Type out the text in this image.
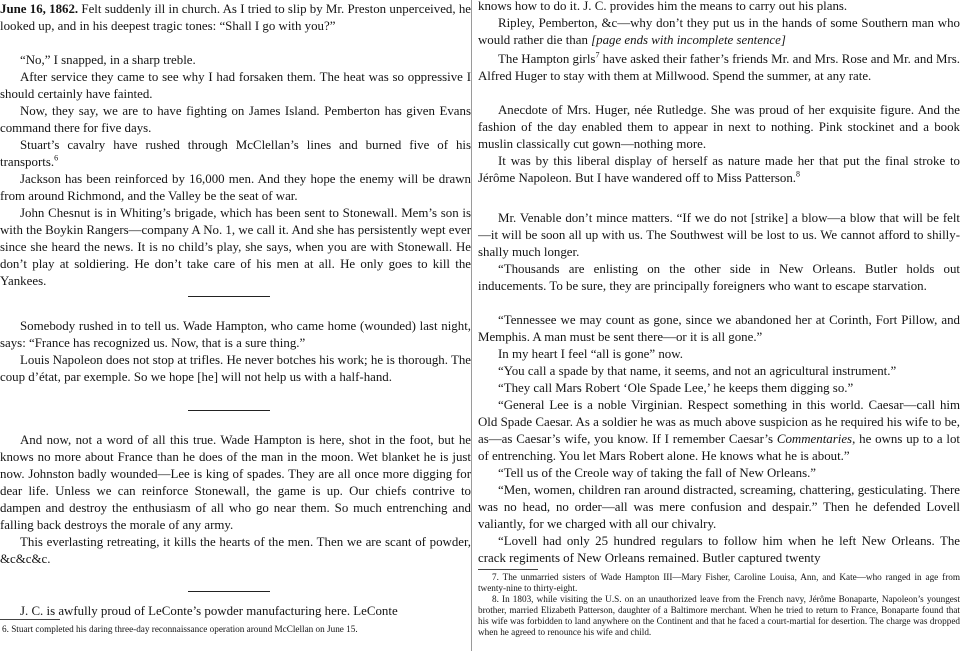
June 16, 1862. Felt suddenly ill in church. As I tried to slip by Mr. Preston unperceived, he looked up, and in his deepest tragic tones: “Shall I go with you?”

“No,” I snapped, in a sharp treble.

After service they came to see why I had forsaken them. The heat was so oppressive I should certainly have fainted.

Now, they say, we are to have fighting on James Island. Pemberton has given Evans command there for five days.

Stuart’s cavalry have rushed through McClellan’s lines and burned five of his transports.$^6$

Jackson has been reinforced by 16,000 men. And they hope the enemy will be drawn from around Richmond, and the Valley be the seat of war.

John Chesnut is in Whiting’s brigade, which has been sent to Stonewall. Mem’s son is with the Boykin Rangers—company A No. 1, we call it. And she has persistently wept ever since she heard the news. It is no child’s play, she says, when you are with Stonewall. He don’t play at soldiering. He don’t take care of his men at all. He only goes to kill the Yankees.

Somebody rushed in to tell us. Wade Hampton, who came home (wounded) last night, says: “France has recognized us. Now, that is a sure thing.”

Louis Napoleon does not stop at trifles. He never botches his work; he is thorough. The coup d’état, par exemple. So we hope [he] will not help us with a half-hand.

And now, not a word of all this true. Wade Hampton is here, shot in the foot, but he knows no more about France than he does of the man in the moon. Wet blanket he is just now. Johnston badly wounded—Lee is king of spades. They are all once more digging for dear life. Unless we can reinforce Stonewall, the game is up. Our chiefs contrive to dampen and destroy the enthusiasm of all who go near them. So much entrenching and falling back destroys the morale of any army.

This everlasting retreating, it kills the hearts of the men. Then we are scant of powder, &c&c&c.

J. C. is awfully proud of LeConte’s powder manufacturing here. LeConte

6. Stuart completed his daring three-day reconnaissance operation around McClellan on June 15.

knows how to do it. J. C. provides him the means to carry out his plans.

Ripley, Pemberton, &c—why don’t they put us in the hands of some Southern man who would rather die than [page ends with incomplete sentence]

The Hampton girls$^7$ have asked their father’s friends Mr. and Mrs. Rose and Mr. and Mrs. Alfred Huger to stay with them at Millwood. Spend the summer, at any rate.

Anecdote of Mrs. Huger, née Rutledge. She was proud of her exquisite figure. And the fashion of the day enabled them to appear in next to nothing. Pink stockinet and a book muslin classically cut gown—nothing more.

It was by this liberal display of herself as nature made her that put the final stroke to Jérôme Napoleon. But I have wandered off to Miss Patterson.$^8$

Mr. Venable don’t mince matters. “If we do not [strike] a blow—a blow that will be felt—it will be soon all up with us. The Southwest will be lost to us. We cannot afford to shilly-shally much longer.

“Thousands are enlisting on the other side in New Orleans. Butler holds out inducements. To be sure, they are principally foreigners who want to escape starvation.

“Tennessee we may count as gone, since we abandoned her at Corinth, Fort Pillow, and Memphis. A man must be sent there—or it is all gone.”

In my heart I feel “all is gone” now.

“You call a spade by that name, it seems, and not an agricultural instrument.”

“They call Mars Robert ‘Ole Spade Lee,’ he keeps them digging so.”

“General Lee is a noble Virginian. Respect something in this world. Caesar—call him Old Spade Caesar. As a soldier he was as much above suspicion as he required his wife to be, as—as Caesar’s wife, you know. If I remember Caesar’s Commentaries, he owns up to a lot of entrenching. You let Mars Robert alone. He knows what he is about.”

“Tell us of the Creole way of taking the fall of New Orleans.”

“Men, women, children ran around distracted, screaming, chattering, gesticulating. There was no head, no order—all was mere confusion and despair.” Then he defended Lovell valiantly, for we charged with all our chivalry.

“Lovell had only 25 hundred regulars to follow him when he left New Orleans. The crack regiments of New Orleans remained. Butler captured twenty

7. The unmarried sisters of Wade Hampton III—Mary Fisher, Caroline Louisa, Ann, and Kate—who ranged in age from twenty-nine to thirty-eight.

8. In 1803, while visiting the U.S. on an unauthorized leave from the French navy, Jérôme Bonaparte, Napoleon’s youngest brother, married Elizabeth Patterson, daughter of a Baltimore merchant. When he tried to return to France, Bonaparte found that his wife was forbidden to land anywhere on the Continent and that he faced a court-martial for desertion. The charge was dropped when he agreed to renounce his wife and child.
